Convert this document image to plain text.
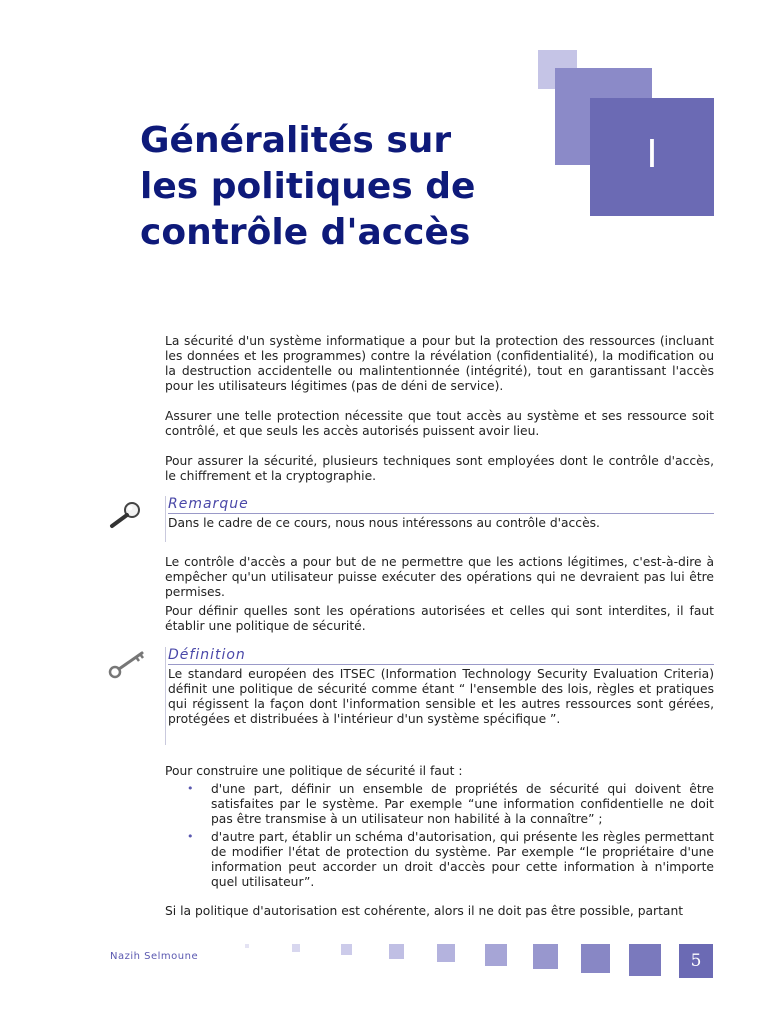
I
Généralités sur
les politiques de
contrôle d'accès

La sécurité d'un système informatique a pour but la protection des ressources (incluant les données et les programmes) contre la révélation (confidentialité), la modification ou la destruction accidentelle ou malintentionnée (intégrité), tout en garantissant l'accès pour les utilisateurs légitimes (pas de déni de service).

Assurer une telle protection nécessite que tout accès au système et ses ressource soit contrôlé, et que seuls les accès autorisés puissent avoir lieu.

Pour assurer la sécurité, plusieurs techniques sont employées dont le contrôle d'accès, le chiffrement et la cryptographie.

Remarque

Dans le cadre de ce cours, nous nous intéressons au contrôle d'accès.

Le contrôle d'accès a pour but de ne permettre que les actions légitimes, c'est-à-dire à empêcher qu'un utilisateur puisse exécuter des opérations qui ne devraient pas lui être permises.

Pour définir quelles sont les opérations autorisées et celles qui sont interdites, il faut établir une politique de sécurité.

Définition

Le standard européen des ITSEC (Information Technology Security Evaluation Criteria) définit une politique de sécurité comme étant “ l'ensemble des lois, règles et pratiques qui régissent la façon dont l'information sensible et les autres ressources sont gérées, protégées et distribuées à l'intérieur d'un système spécifique ”.

Pour construire une politique de sécurité il faut :

• d'une part, définir un ensemble de propriétés de sécurité qui doivent être satisfaites par le système. Par exemple “une information confidentielle ne doit pas être transmise à un utilisateur non habilité à la connaître” ;

• d'autre part, établir un schéma d'autorisation, qui présente les règles permettant de modifier l'état de protection du système. Par exemple “le propriétaire d'une information peut accorder un droit d'accès pour cette information à n'importe quel utilisateur”.

Si la politique d'autorisation est cohérente, alors il ne doit pas être possible, partant

Nazih Selmoune	5
